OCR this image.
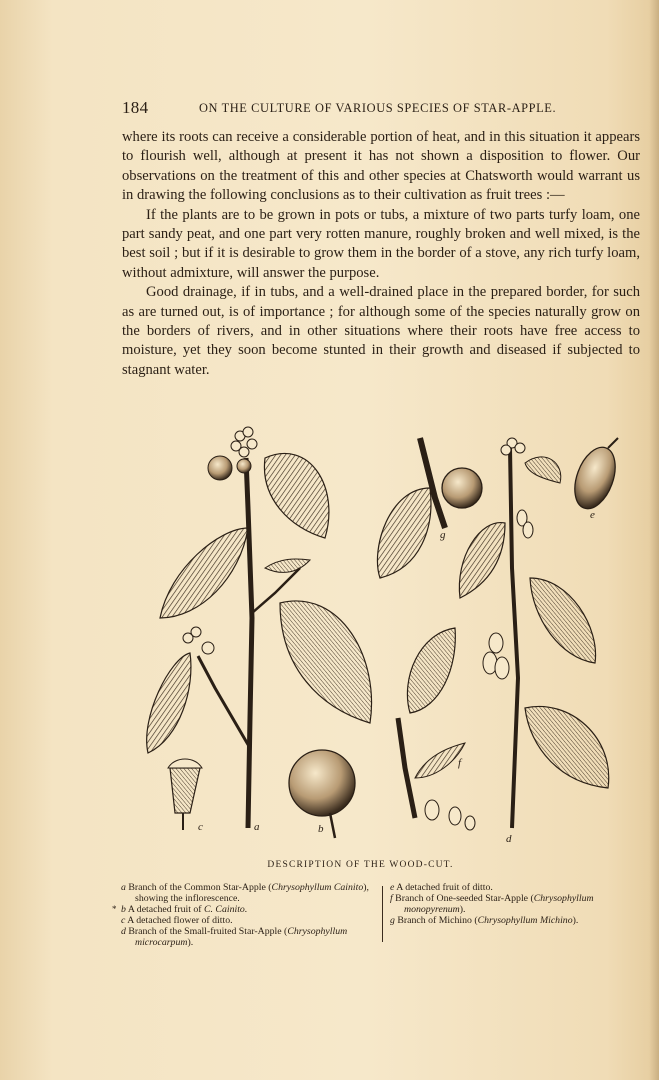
184	ON THE CULTURE OF VARIOUS SPECIES OF STAR-APPLE.

where its roots can receive a considerable portion of heat, and in this situation it appears to flourish well, although at present it has not shown a disposition to flower. Our observations on the treatment of this and other species at Chatsworth would warrant us in drawing the following conclusions as to their cultivation as fruit trees :—

If the plants are to be grown in pots or tubs, a mixture of two parts turfy loam, one part sandy peat, and one part very rotten manure, roughly broken and well mixed, is the best soil ; but if it is desirable to grow them in the border of a stove, any rich turfy loam, without admixture, will answer the purpose.

Good drainage, if in tubs, and a well-drained place in the prepared border, for such as are turned out, is of importance ; for although some of the species naturally grow on the borders of rivers, and in other situations where their roots have free access to moisture, yet they soon become stunted in their growth and diseased if subjected to stagnant water.

a	b
c
d
e
f
g
DESCRIPTION OF THE WOOD-CUT.
*

a Branch of the Common Star-Apple (Chrysophyllum Cainito), showing the inflorescence.

b A detached fruit of C. Cainito.

c A detached flower of ditto.

d Branch of the Small-fruited Star-Apple (Chrysophyllum microcarpum).

e A detached fruit of ditto.

f Branch of One-seeded Star-Apple (Chrysophyllum monopyrenum).

g Branch of Michino (Chrysophyllum Michino).
